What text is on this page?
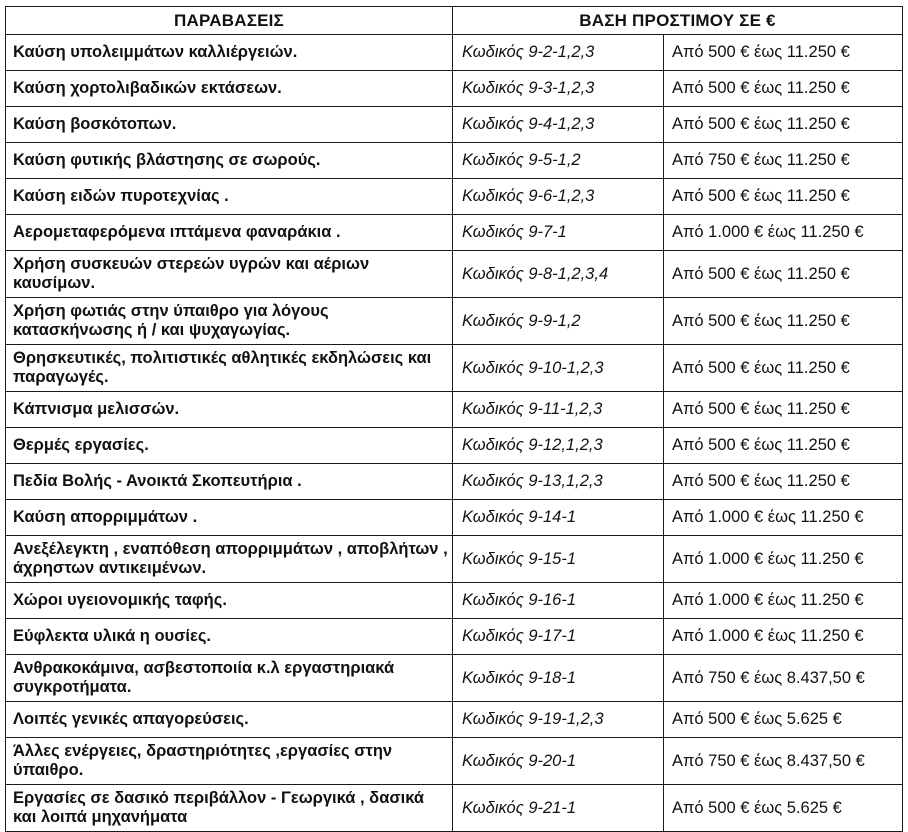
ΠΑΡΑΒΑΣΕΙΣ	ΒΑΣΗ ΠΡΟΣΤΙΜΟΥ ΣΕ €	
Καύση υπολειμμάτων καλλιέργειών.	Κωδικός 9-2-1,2,3	Από 500 € έως 11.250 €
Καύση χορτολιβαδικών εκτάσεων.	Κωδικός 9-3-1,2,3	Από 500 € έως 11.250 €
Καύση βοσκότοπων.	Κωδικός 9-4-1,2,3	Από 500 € έως 11.250 €
Καύση φυτικής βλάστησης σε σωρούς.	Κωδικός 9-5-1,2	Από 750 € έως 11.250 €
Καύση ειδών πυροτεχνίας .	Κωδικός 9-6-1,2,3	Από 500 € έως 11.250 €
Αερομεταφερόμενα ιπτάμενα φαναράκια .	Κωδικός 9-7-1	Από 1.000 € έως 11.250 €
Χρήση συσκευών στερεών υγρών και αέριων καυσίμων.	Κωδικός 9-8-1,2,3,4	Από 500 € έως 11.250 €
Χρήση φωτιάς στην ύπαιθρο για λόγους κατασκήνωσης ή / και ψυχαγωγίας.	Κωδικός 9-9-1,2	Από 500 € έως 11.250 €
Θρησκευτικές, πολιτιστικές αθλητικές εκδηλώσεις και παραγωγές.	Κωδικός 9-10-1,2,3	Από 500 € έως 11.250 €
Κάπνισμα μελισσών.	Κωδικός 9-11-1,2,3	Από 500 € έως 11.250 €
Θερμές εργασίες.	Κωδικός 9-12,1,2,3	Από 500 € έως 11.250 €
Πεδία Βολής - Ανοικτά Σκοπευτήρια .	Κωδικός 9-13,1,2,3	Από 500 € έως 11.250 €
Καύση απορριμμάτων .	Κωδικός 9-14-1	Από 1.000 € έως 11.250 €
Ανεξέλεγκτη , εναπόθεση απορριμμάτων , αποβλήτων , άχρηστων αντικειμένων.	Κωδικός 9-15-1	Από 1.000 € έως 11.250 €
Χώροι υγειονομικής ταφής.	Κωδικός 9-16-1	Από 1.000 € έως 11.250 €
Εύφλεκτα υλικά η ουσίες.	Κωδικός 9-17-1	Από 1.000 € έως 11.250 €
Ανθρακοκάμινα, ασβεστοποιία κ.λ εργαστηριακά συγκροτήματα.	Κωδικός 9-18-1	Από 750 € έως 8.437,50 €
Λοιπές γενικές απαγορεύσεις.	Κωδικός 9-19-1,2,3	Από 500 € έως 5.625 €
Άλλες ενέργειες, δραστηριότητες ,εργασίες στην ύπαιθρο.	Κωδικός 9-20-1	Από 750 € έως 8.437,50 €
Εργασίες σε δασικό περιβάλλον - Γεωργικά , δασικά και λοιπά μηχανήματα	Κωδικός 9-21-1	Από 500 € έως 5.625 €
